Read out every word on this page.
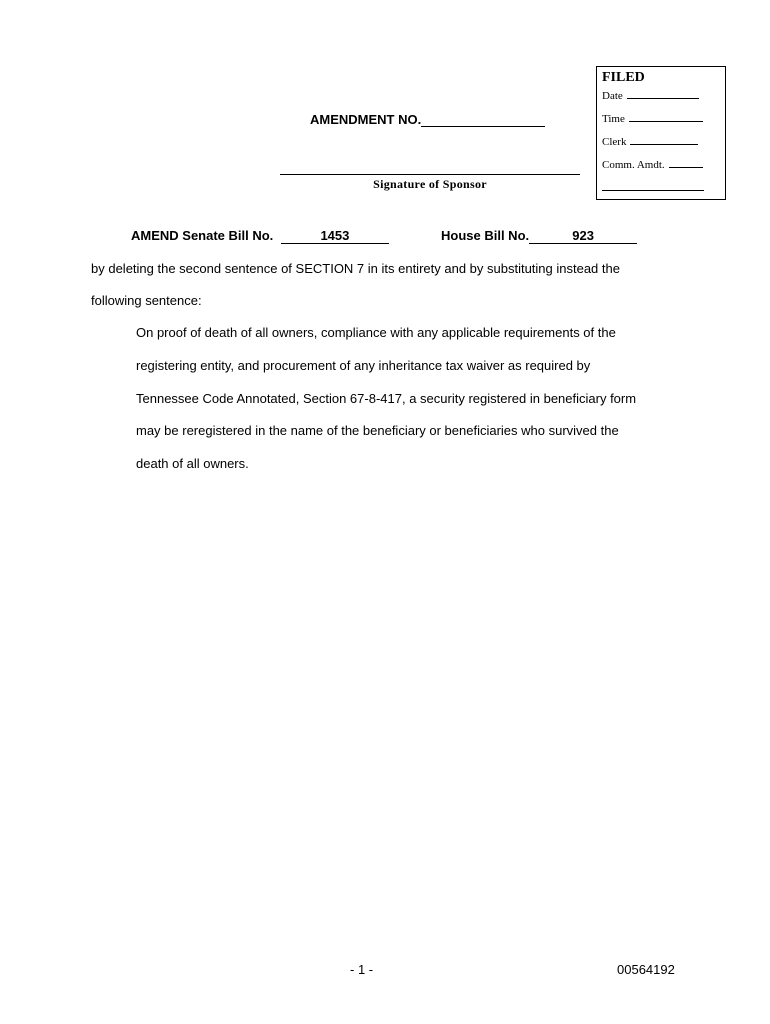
FILED
Date
Time
Clerk
Comm. Amdt.
AMENDMENT NO.
Signature of Sponsor
AMEND Senate Bill No.	1453	House Bill No.	923
by deleting the second sentence of SECTION 7 in its entirety and by substituting instead the
following sentence:
On proof of death of all owners, compliance with any applicable requirements of the
registering entity, and procurement of any inheritance tax waiver as required by
Tennessee Code Annotated, Section 67-8-417, a security registered in beneficiary form
may be reregistered in the name of the beneficiary or beneficiaries who survived the
death of all owners.
- 1 -	00564192
